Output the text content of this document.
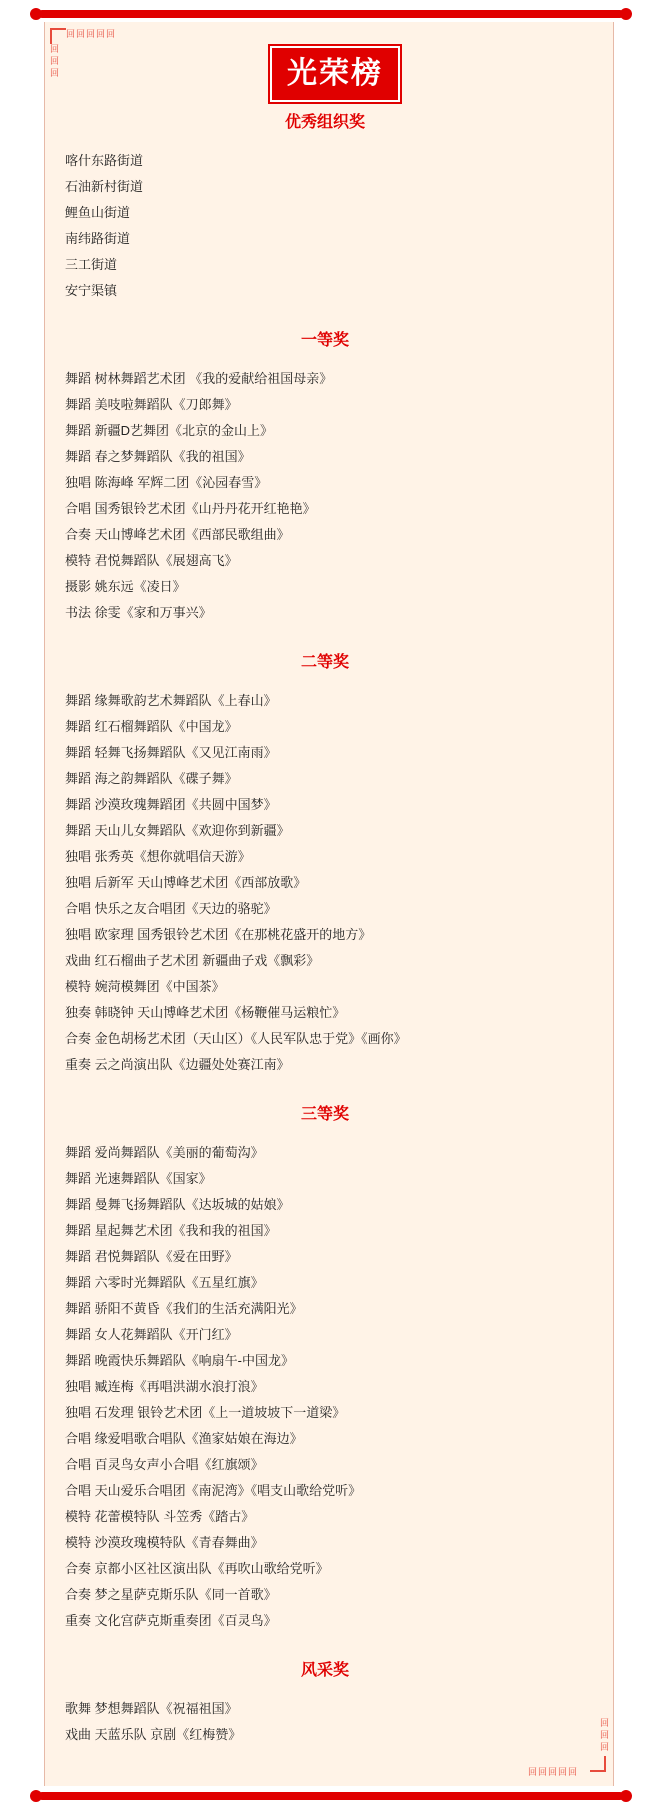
回回回回回
回回回
回回回回回
回回回
光荣榜
优秀组织奖
喀什东路街道
石油新村街道
鲤鱼山街道
南纬路街道
三工街道
安宁渠镇
一等奖
舞蹈 树林舞蹈艺术团 《我的爱献给祖国母亲》
舞蹈 美吱啦舞蹈队《刀郎舞》
舞蹈 新疆D艺舞团《北京的金山上》
舞蹈 春之梦舞蹈队《我的祖国》
独唱 陈海峰 军辉二团《沁园春雪》
合唱 国秀银铃艺术团《山丹丹花开红艳艳》
合奏 天山博峰艺术团《西部民歌组曲》
模特 君悦舞蹈队《展翅高飞》
摄影 姚东远《凌日》
书法 徐雯《家和万事兴》
二等奖
舞蹈 缘舞歌韵艺术舞蹈队《上春山》
舞蹈 红石榴舞蹈队《中国龙》
舞蹈 轻舞飞扬舞蹈队《又见江南雨》
舞蹈 海之韵舞蹈队《碟子舞》
舞蹈 沙漠玫瑰舞蹈团《共圆中国梦》
舞蹈 天山儿女舞蹈队《欢迎你到新疆》
独唱 张秀英《想你就唱信天游》
独唱 后新军 天山博峰艺术团《西部放歌》
合唱 快乐之友合唱团《天边的骆驼》
独唱 欧家理 国秀银铃艺术团《在那桃花盛开的地方》
戏曲 红石榴曲子艺术团 新疆曲子戏《飘彩》
模特 婉菏模舞团《中国茶》
独奏 韩晓钟 天山博峰艺术团《杨鞭催马运粮忙》
合奏 金色胡杨艺术团（天山区）《人民军队忠于党》《画你》
重奏 云之尚演出队《边疆处处赛江南》
三等奖
舞蹈 爱尚舞蹈队《美丽的葡萄沟》
舞蹈 光速舞蹈队《国家》
舞蹈 曼舞飞扬舞蹈队《达坂城的姑娘》
舞蹈 星起舞艺术团《我和我的祖国》
舞蹈 君悦舞蹈队《爱在田野》
舞蹈 六零时光舞蹈队《五星红旗》
舞蹈 骄阳不黄昏《我们的生活充满阳光》
舞蹈 女人花舞蹈队《开门红》
舞蹈 晚霞快乐舞蹈队《响扇午-中国龙》
独唱 臧连梅《再唱洪湖水浪打浪》
独唱 石发理 银铃艺术团《上一道坡坡下一道梁》
合唱 缘爱唱歌合唱队《渔家姑娘在海边》
合唱 百灵鸟女声小合唱《红旗颂》
合唱 天山爱乐合唱团《南泥湾》《唱支山歌给党听》
模特 花蕾模特队 斗笠秀《踏古》
模特 沙漠玫瑰模特队《青春舞曲》
合奏 京都小区社区演出队《再吹山歌给党听》
合奏 梦之星萨克斯乐队《同一首歌》
重奏 文化宫萨克斯重奏团《百灵鸟》
风采奖
歌舞 梦想舞蹈队《祝福祖国》
戏曲 天蓝乐队 京剧《红梅赞》
